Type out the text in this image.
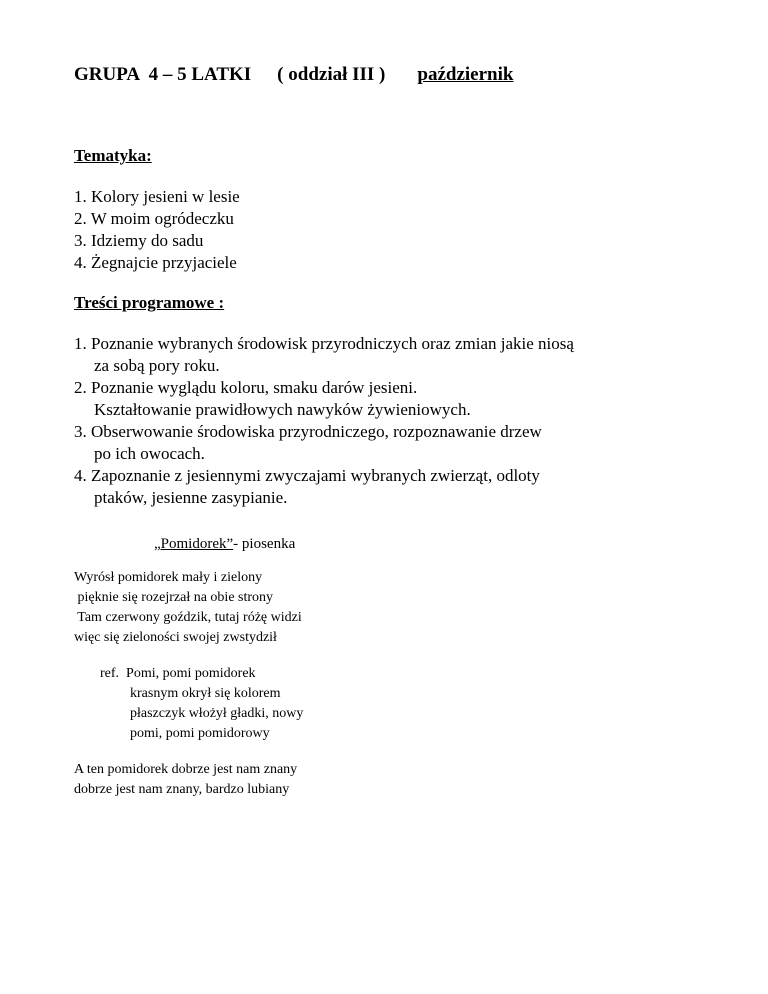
GRUPA  4 – 5 LATKI ( oddział III ) październik
Tematyka:
1. Kolory jesieni w lesie
2. W moim ogródeczku
3. Idziemy do sadu
4. Żegnajcie przyjaciele
Treści programowe :
1. Poznanie wybranych środowisk przyrodniczych oraz zmian jakie niosą
za sobą pory roku.
2. Poznanie wyglądu koloru, smaku darów jesieni.
Kształtowanie prawidłowych nawyków żywieniowych.
3. Obserwowanie środowiska przyrodniczego, rozpoznawanie drzew
po ich owocach.
4. Zapoznanie z jesiennymi zwyczajami wybranych zwierząt, odloty
ptaków, jesienne zasypianie.
„Pomidorek”- piosenka
Wyrósł pomidorek mały i zielony
pięknie się rozejrzał na obie strony
Tam czerwony goździk, tutaj różę widzi
więc się zieloności swojej zwstydził
ref.  Pomi, pomi pomidorek
krasnym okrył się kolorem
płaszczyk włożył gładki, nowy
pomi, pomi pomidorowy
A ten pomidorek dobrze jest nam znany
dobrze jest nam znany, bardzo lubiany
